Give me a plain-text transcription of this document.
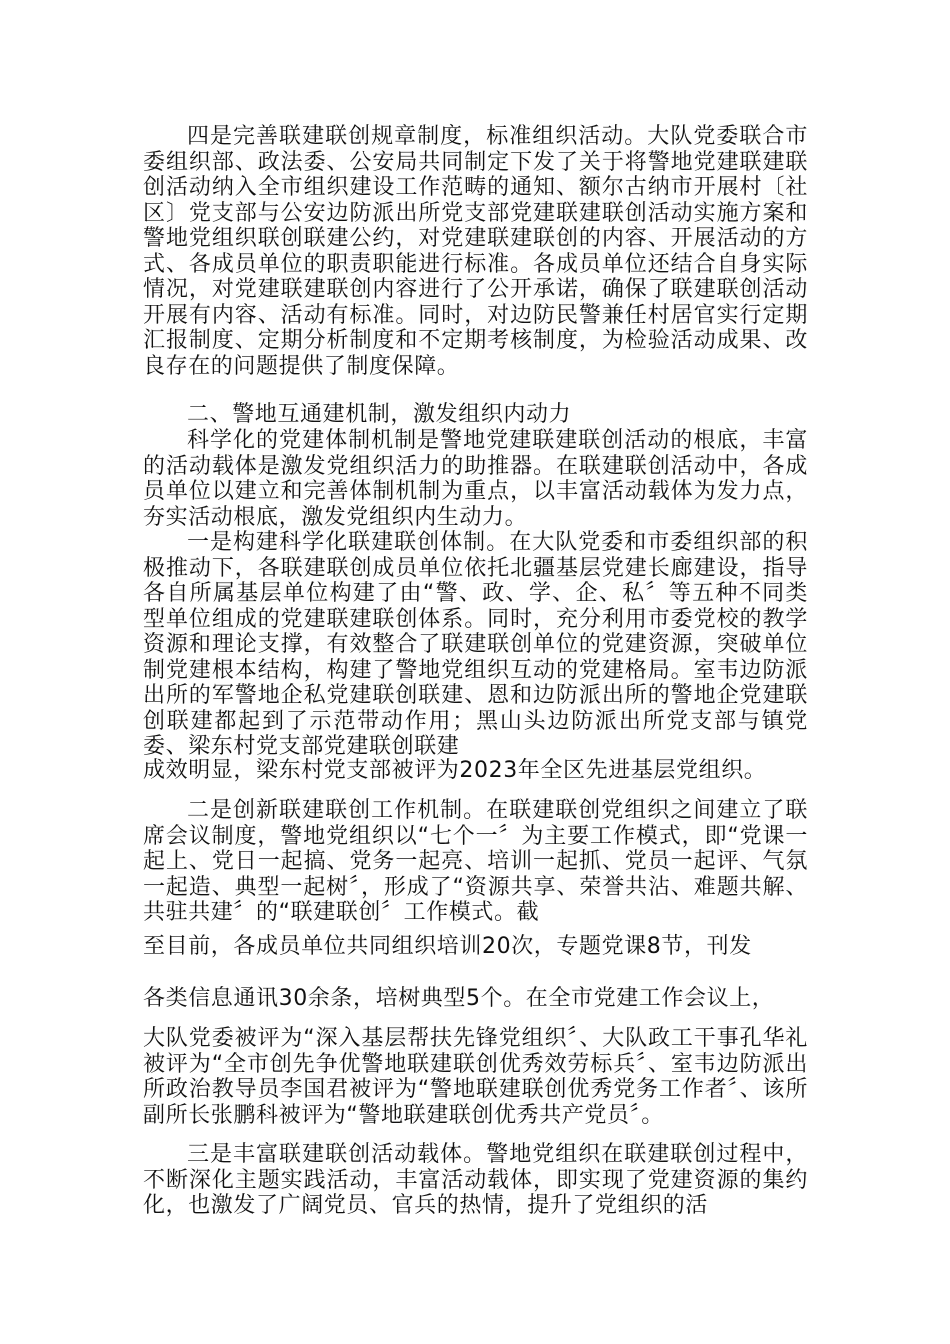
四是完善联建联创规章制度，标准组织活动。大队党委联合市委组织部、政法委、公安局共同制定下发了关于将警地党建联建联创活动纳入全市组织建设工作范畴的通知、额尔古纳市开展村〔社区〕党支部与公安边防派出所党支部党建联建联创活动实施方案和警地党组织联创联建公约，对党建联建联创的内容、开展活动的方式、各成员单位的职责职能进行标准。各成员单位还结合自身实际情况，对党建联建联创内容进行了公开承诺，确保了联建联创活动开展有内容、活动有标准。同时，对边防民警兼任村居官实行定期汇报制度、定期分析制度和不定期考核制度，为检验活动成果、改良存在的问题提供了制度保障。

二、警地互通建机制，激发组织内动力

科学化的党建体制机制是警地党建联建联创活动的根底，丰富的活动载体是激发党组织活力的助推器。在联建联创活动中，各成员单位以建立和完善体制机制为重点，以丰富活动载体为发力点，夯实活动根底，激发党组织内生动力。

一是构建科学化联建联创体制。在大队党委和市委组织部的积极推动下，各联建联创成员单位依托北疆基层党建长廊建设，指导各自所属基层单位构建了由“警、政、学、企、私〞等五种不同类型单位组成的党建联建联创体系。同时，充分利用市委党校的教学资源和理论支撑，有效整合了联建联创单位的党建资源，突破单位制党建根本结构，构建了警地党组织互动的党建格局。室韦边防派出所的军警地企私党建联创联建、恩和边防派出所的警地企党建联创联建都起到了示范带动作用；黑山头边防派出所党支部与镇党委、梁东村党支部党建联创联建

成效明显，梁东村党支部被评为2023年全区先进基层党组织。

二是创新联建联创工作机制。在联建联创党组织之间建立了联席会议制度，警地党组织以“七个一〞为主要工作模式，即“党课一起上、党日一起搞、党务一起亮、培训一起抓、党员一起评、气氛一起造、典型一起树〞，形成了“资源共享、荣誉共沾、难题共解、共驻共建〞的“联建联创〞工作模式。截

至目前，各成员单位共同组织培训20次，专题党课8节，刊发

各类信息通讯30余条，培树典型5个。在全市党建工作会议上，

大队党委被评为“深入基层帮扶先锋党组织〞、大队政工干事孔华礼被评为“全市创先争优警地联建联创优秀效劳标兵〞、室韦边防派出所政治教导员李国君被评为“警地联建联创优秀党务工作者〞、该所副所长张鹏科被评为“警地联建联创优秀共产党员〞。

三是丰富联建联创活动载体。警地党组织在联建联创过程中，不断深化主题实践活动，丰富活动载体，即实现了党建资源的集约化，也激发了广阔党员、官兵的热情，提升了党组织的活
